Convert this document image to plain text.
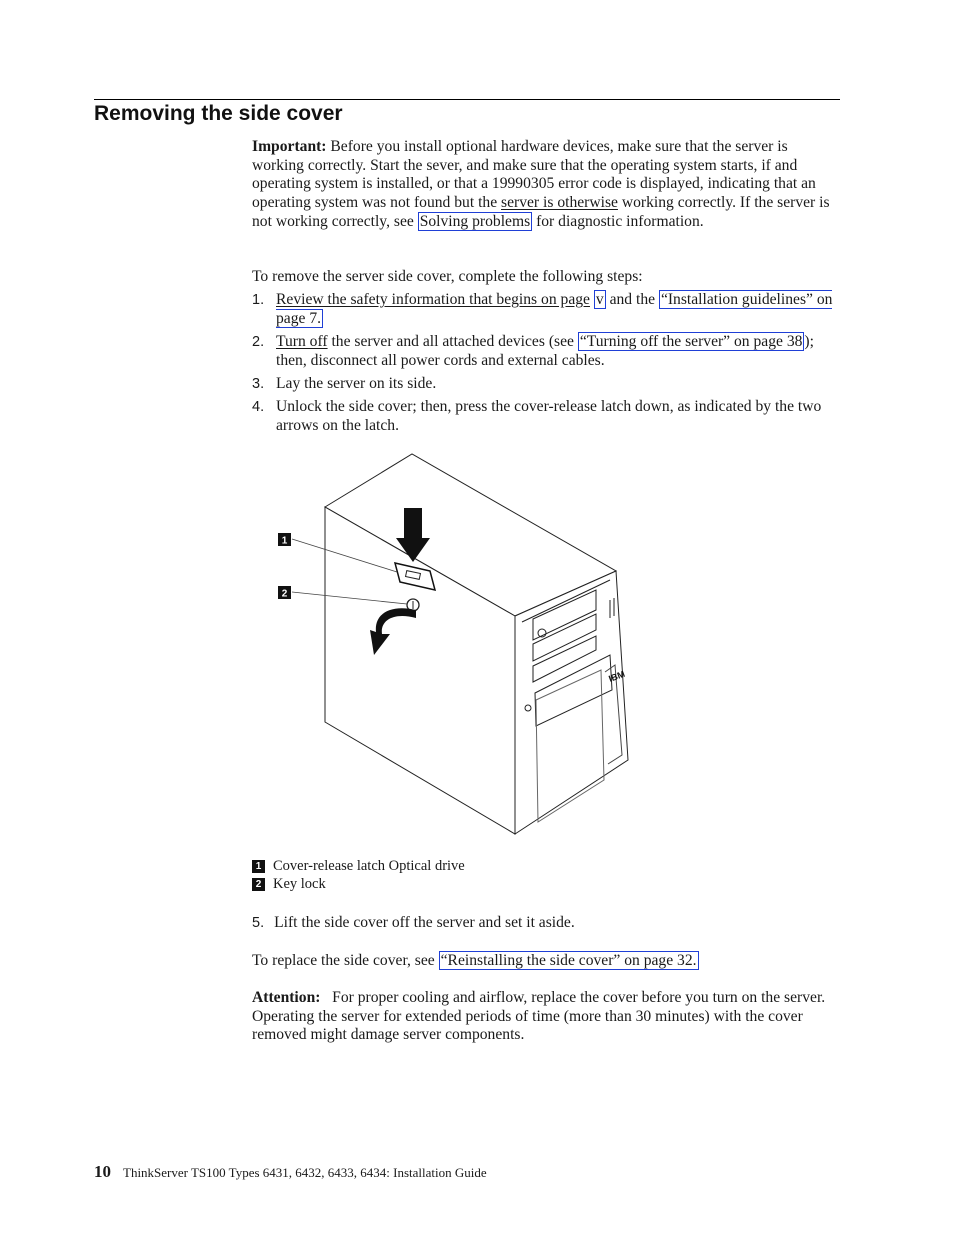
Removing the side cover

Important: Before you install optional hardware devices, make sure that the server is working correctly. Start the sever, and make sure that the operating system starts, if and operating system is installed, or that a 19990305 error code is displayed, indicating that an operating system was not found but the server is otherwise working correctly. If the server is not working correctly, see Solving problems for diagnostic information.

To remove the server side cover, complete the following steps:

1. Review the safety information that begins on page v and the “Installation guidelines” on page 7.
2. Turn off the server and all attached devices (see “Turning off the server” on page 38 ); then, disconnect all power cords and external cables.
3. Lay the server on its side.
4. Unlock the side cover; then, press the cover-release latch down, as indicated by the two arrows on the latch.
1
2
IBM
1 Cover-release latch Optical drive
2 Key lock
5. Lift the side cover off the server and set it aside.

To replace the side cover, see “Reinstalling the side cover” on page 32.

Attention: For proper cooling and airflow, replace the cover before you turn on the server. Operating the server for extended periods of time (more than 30 minutes) with the cover removed might damage server components.

10 ThinkServer TS100 Types 6431, 6432, 6433, 6434: Installation Guide
